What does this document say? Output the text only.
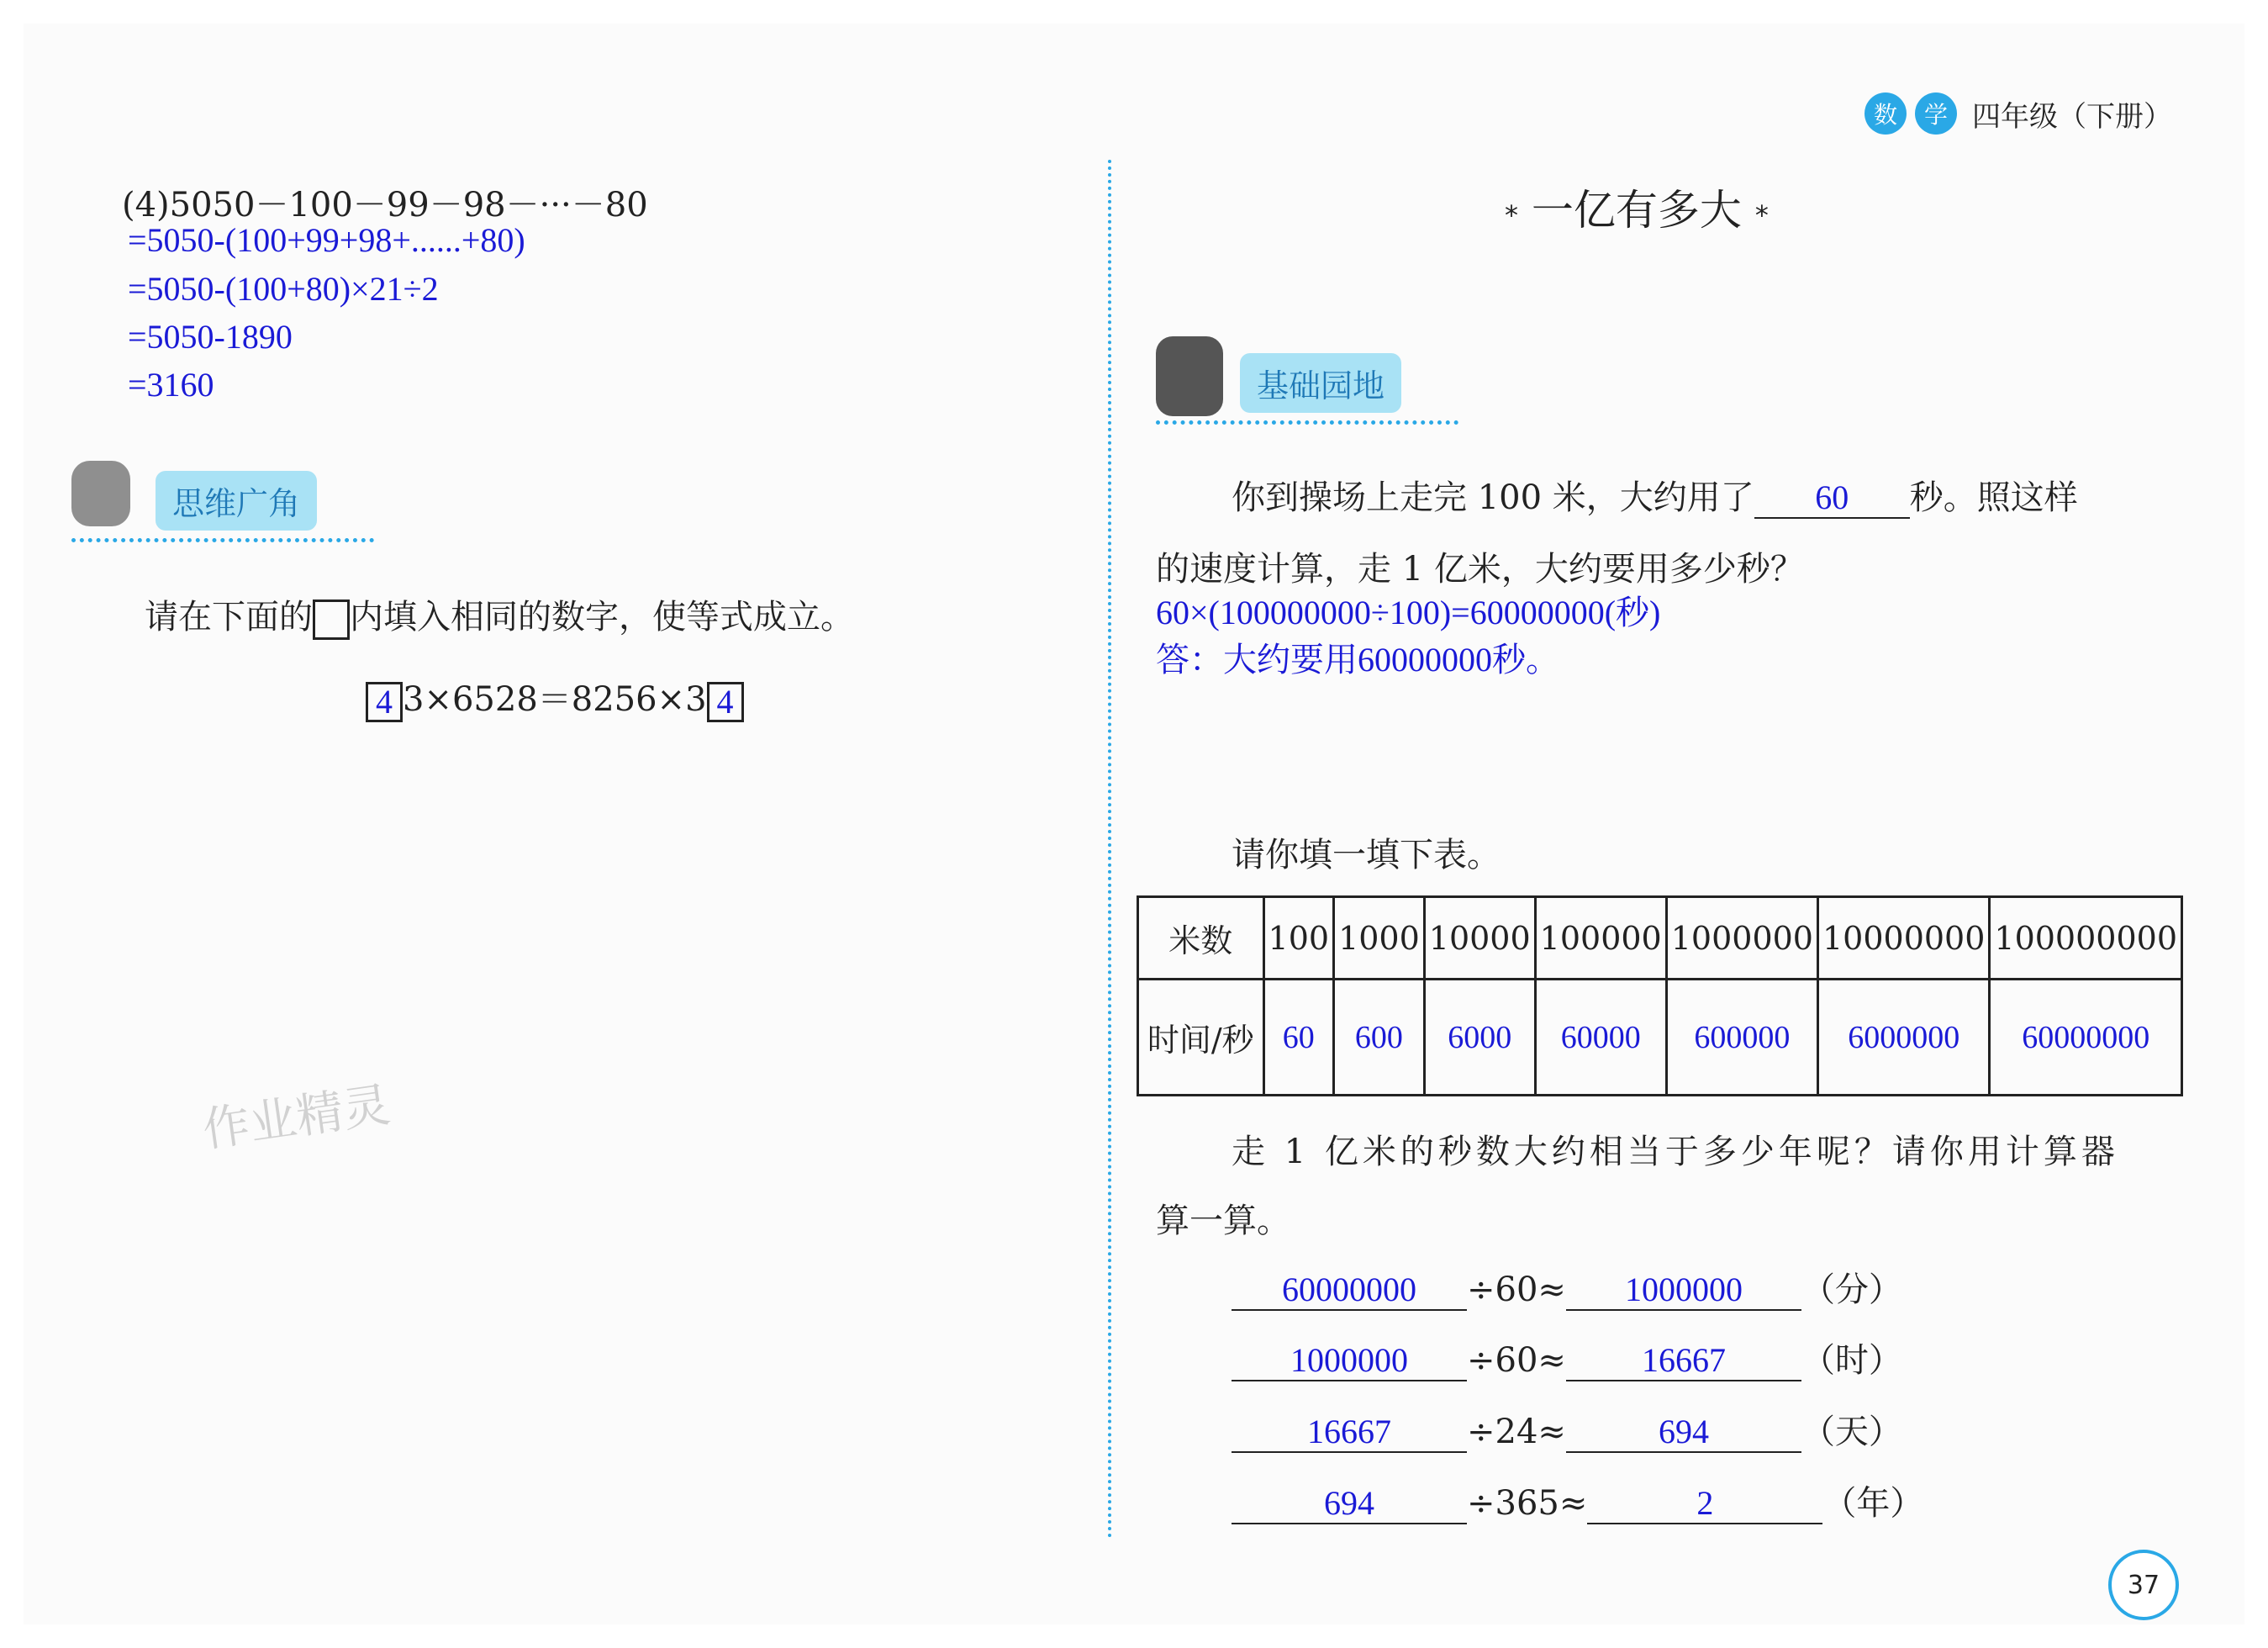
数	学 四年级（下册）
(4)5050－100－99－98－···－80
=5050-(100+99+98+......+80)
=5050-(100+80)×21÷2
=5050-1890
=3160
思维广角
请在下面的 内填入相同的数字，使等式成立。
4 3×6528＝8256×3 4
作业精灵
* 一亿有多大 *
基础园地
你到操场上走完 100 米，大约用了 60 秒。照这样
的速度计算，走 1 亿米，大约要用多少秒？
60×(100000000÷100)=60000000(秒)
答：大约要用60000000秒。
请你填一填下表。
米数	100	1000	10000	100000	1000000	10000000	100000000
时间/秒	60	600	6000	60000	600000	6000000	60000000
走 1 亿米的秒数大约相当于多少年呢？请你用计算器
算一算。
60000000 ÷60≈ 1000000 （分）
1000000 ÷60≈ 16667 （时）
16667 ÷24≈	694	（天）
694	÷365≈	2	（年）
37
